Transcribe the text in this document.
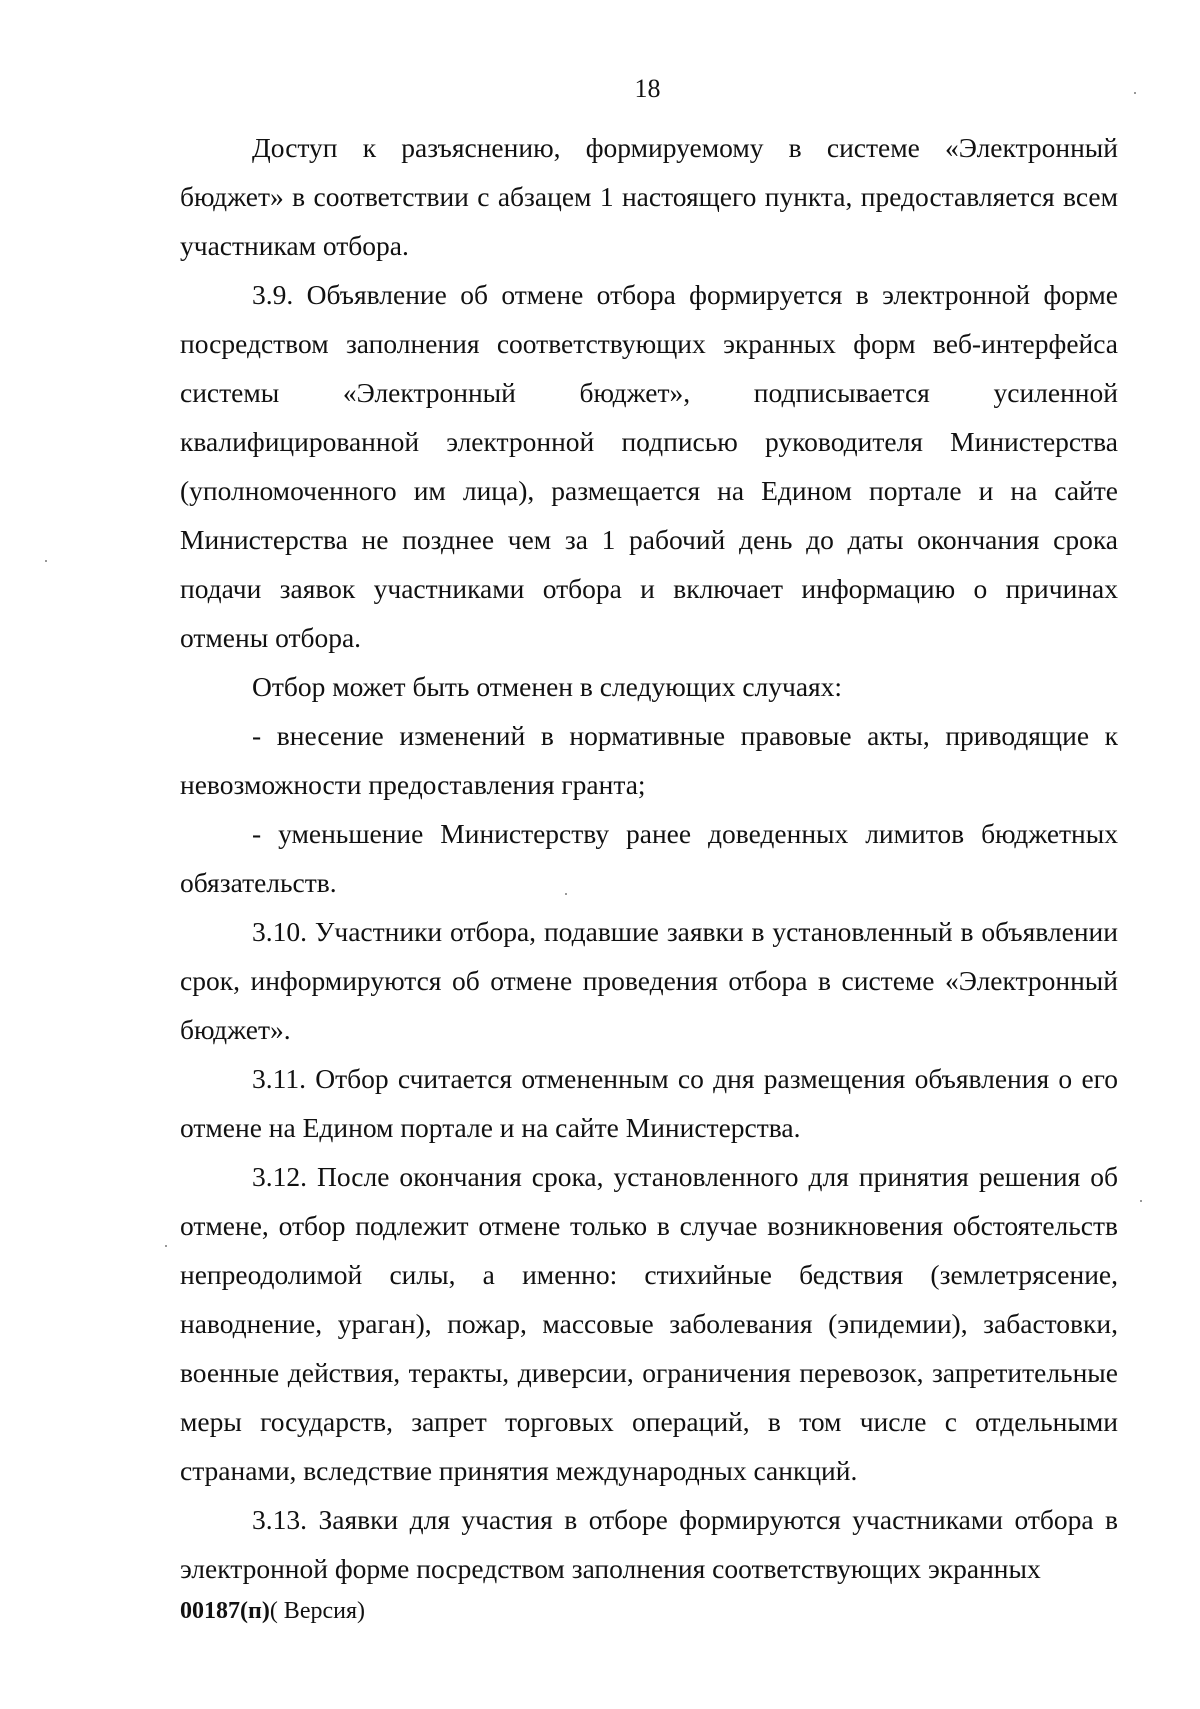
18

Доступ к разъяснению, формируемому в системе «Электронный бюджет» в соответствии с абзацем 1 настоящего пункта, предоставляется всем участникам отбора.

3.9. Объявление об отмене отбора формируется в электронной форме посредством заполнения соответствующих экранных форм веб-интерфейса системы «Электронный бюджет», подписывается усиленной квалифицированной электронной подписью руководителя Министерства (уполномоченного им лица), размещается на Едином портале и на сайте Министерства не позднее чем за 1 рабочий день до даты окончания срока подачи заявок участниками отбора и включает информацию о причинах отмены отбора.

Отбор может быть отменен в следующих случаях:

- внесение изменений в нормативные правовые акты, приводящие к невозможности предоставления гранта;

- уменьшение Министерству ранее доведенных лимитов бюджетных обязательств.

3.10. Участники отбора, подавшие заявки в установленный в объявлении срок, информируются об отмене проведения отбора в системе «Электронный бюджет».

3.11. Отбор считается отмененным со дня размещения объявления о его отмене на Едином портале и на сайте Министерства.

3.12. После окончания срока, установленного для принятия решения об отмене, отбор подлежит отмене только в случае возникновения обстоятельств непреодолимой силы, а именно: стихийные бедствия (землетрясение, наводнение, ураган), пожар, массовые заболевания (эпидемии), забастовки, военные действия, теракты, диверсии, ограничения перевозок, запретительные меры государств, запрет торговых операций, в том числе с отдельными странами, вследствие принятия международных санкций.

3.13. Заявки для участия в отборе формируются участниками отбора в электронной форме посредством заполнения соответствующих экранных

00187(п)( Версия)
